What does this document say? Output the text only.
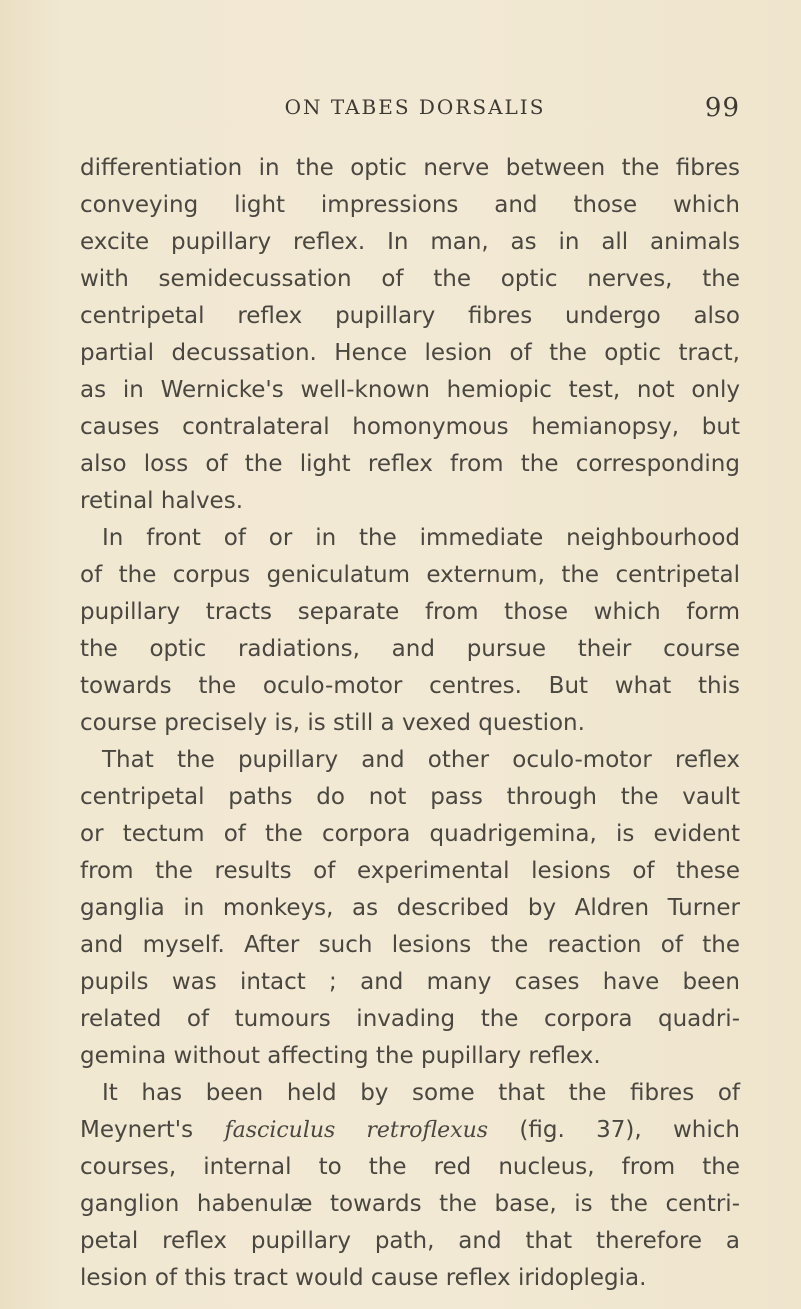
ON TABES DORSALIS	99
differentiation in the optic nerve between the fibres
conveying light impressions and those which
excite pupillary reflex. In man, as in all animals
with semidecussation of the optic nerves, the
centripetal reflex pupillary fibres undergo also
partial decussation. Hence lesion of the optic tract,
as in Wernicke's well-known hemiopic test, not only
causes contralateral homonymous hemianopsy, but
also loss of the light reflex from the corresponding
retinal halves.
In front of or in the immediate neighbourhood
of the corpus geniculatum externum, the centripetal
pupillary tracts separate from those which form
the optic radiations, and pursue their course
towards the oculo-motor centres. But what this
course precisely is, is still a vexed question.
That the pupillary and other oculo-motor reflex
centripetal paths do not pass through the vault
or tectum of the corpora quadrigemina, is evident
from the results of experimental lesions of these
ganglia in monkeys, as described by Aldren Turner
and myself. After such lesions the reaction of the
pupils was intact ; and many cases have been
related of tumours invading the corpora quadri-
gemina without affecting the pupillary reflex.
It has been held by some that the fibres of
Meynert's fasciculus retroflexus (fig. 37), which
courses, internal to the red nucleus, from the
ganglion habenulæ towards the base, is the centri-
petal reflex pupillary path, and that therefore a
lesion of this tract would cause reflex iridoplegia.
